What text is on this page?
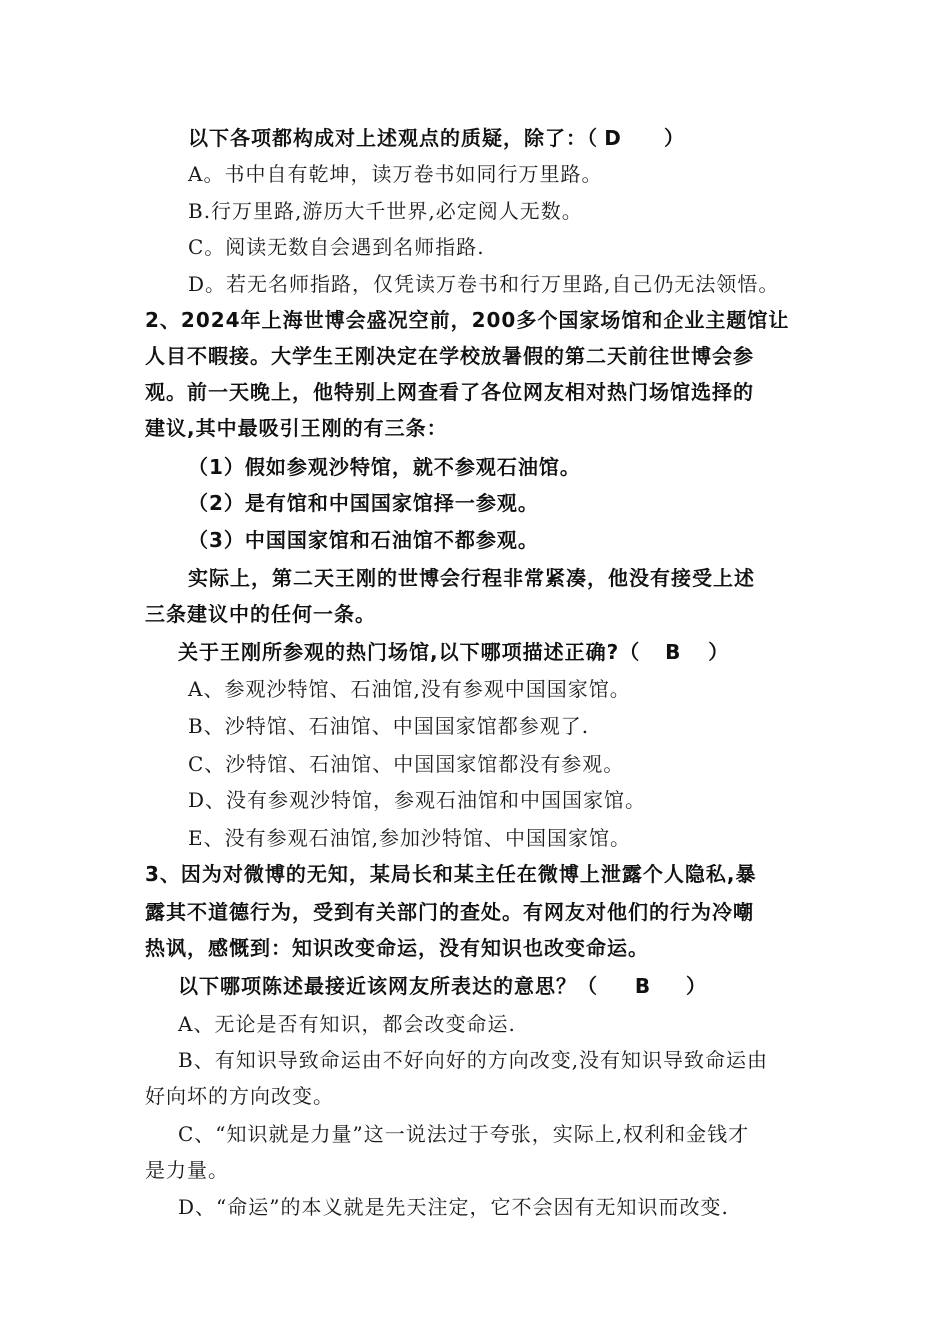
以下各项都构成对上述观点的质疑，除了：（ D ）
A。书中自有乾坤，读万卷书如同行万里路。
B.行万里路,游历大千世界,必定阅人无数。
C。阅读无数自会遇到名师指路.
D。若无名师指路，仅凭读万卷书和行万里路,自己仍无法领悟。
2、2024年上海世博会盛况空前，200多个国家场馆和企业主题馆让
人目不暇接。大学生王刚决定在学校放暑假的第二天前往世博会参
观。前一天晚上，他特别上网查看了各位网友相对热门场馆选择的
建议,其中最吸引王刚的有三条：
（1）假如参观沙特馆，就不参观石油馆。
（2）是有馆和中国国家馆择一参观。
（3）中国国家馆和石油馆不都参观。
实际上，第二天王刚的世博会行程非常紧凑，他没有接受上述
三条建议中的任何一条。
关于王刚所参观的热门场馆,以下哪项描述正确?（ B ）
A、参观沙特馆、石油馆,没有参观中国国家馆。
B、沙特馆、石油馆、中国国家馆都参观了.
C、沙特馆、石油馆、中国国家馆都没有参观。
D、没有参观沙特馆，参观石油馆和中国国家馆。
E、没有参观石油馆,参加沙特馆、中国国家馆。
3、因为对微博的无知，某局长和某主任在微博上泄露个人隐私,暴
露其不道德行为，受到有关部门的查处。有网友对他们的行为冷嘲
热讽，感慨到：知识改变命运，没有知识也改变命运。
以下哪项陈述最接近该网友所表达的意思？（ B ）
A、无论是否有知识，都会改变命运.
B、有知识导致命运由不好向好的方向改变,没有知识导致命运由
好向坏的方向改变。
C、“知识就是力量”这一说法过于夸张，实际上,权利和金钱才
是力量。
D、“命运”的本义就是先天注定，它不会因有无知识而改变.
